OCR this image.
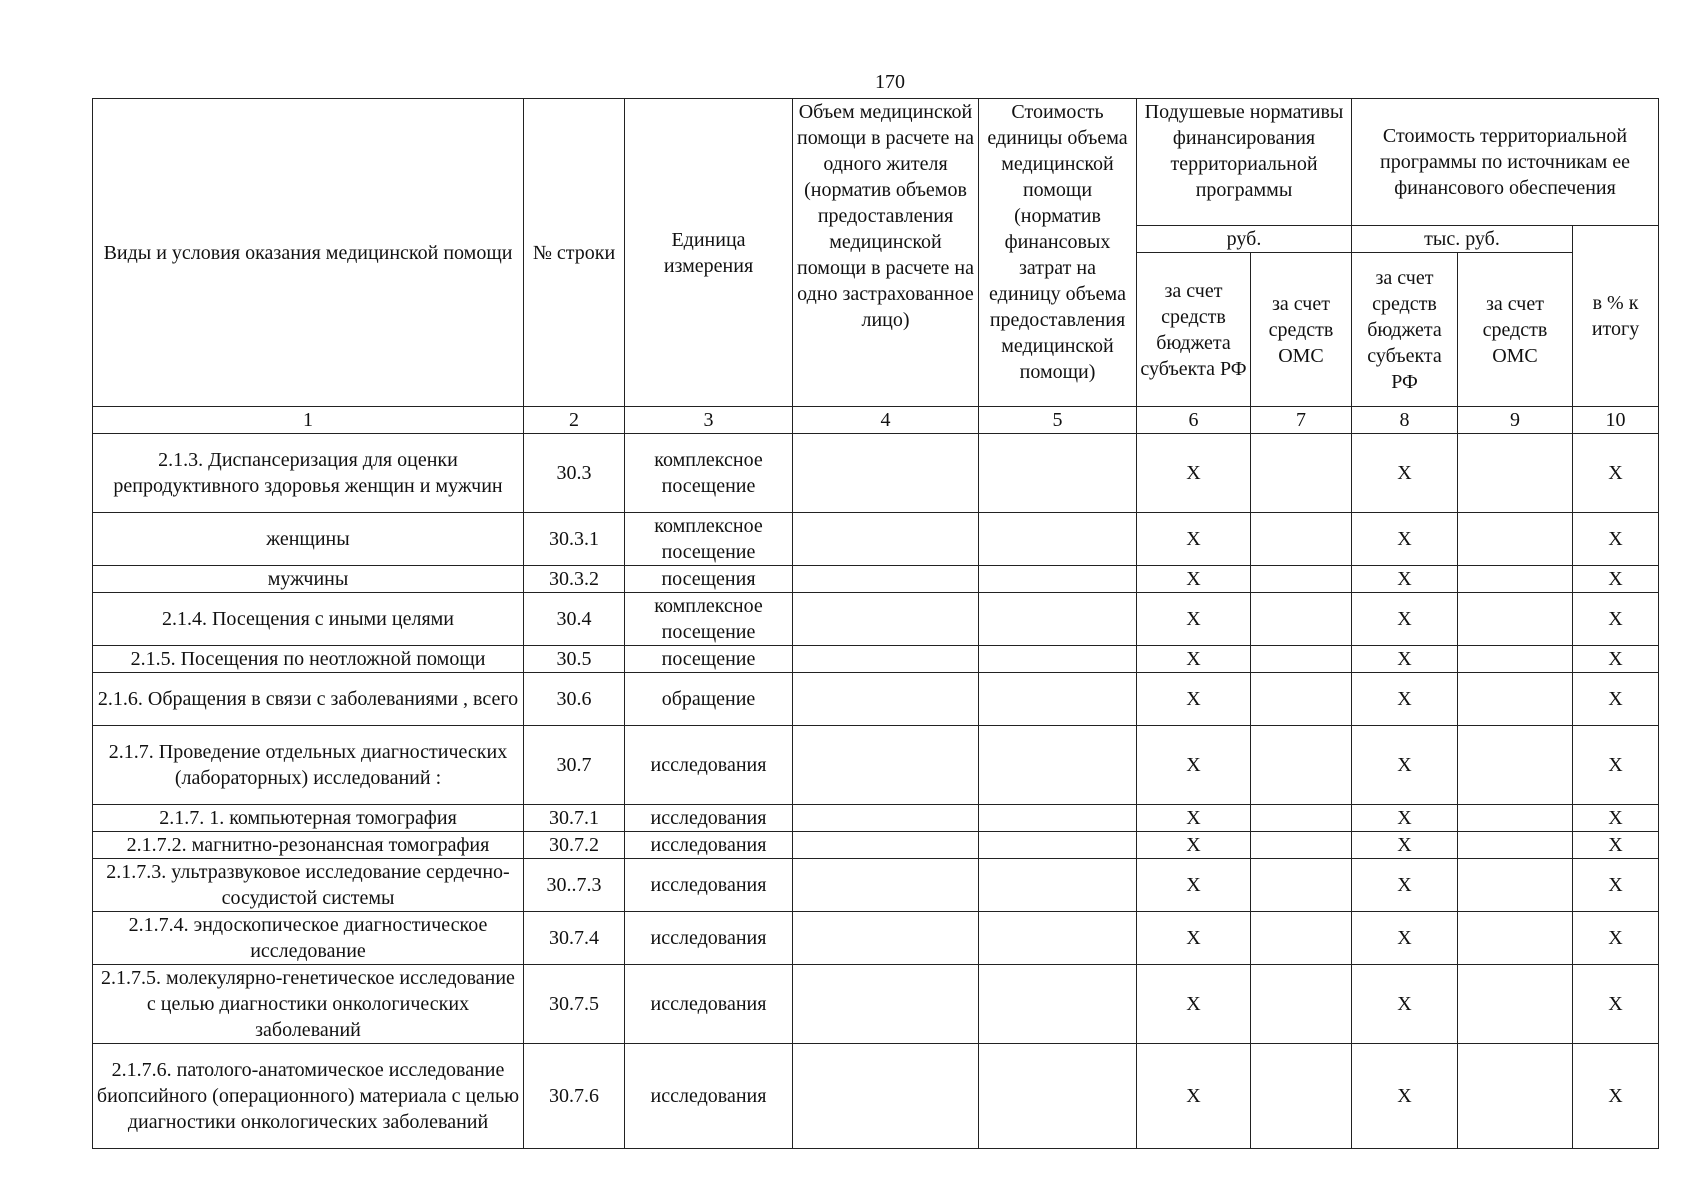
170
Виды и условия оказания медицинской помощи	№ строки	Единица измерения	Объем медицинской помощи в расчете на одного жителя (норматив объемов предоставления медицинской помощи в расчете на одно застрахованное лицо)	Стоимость единицы объема медицинской помощи (норматив финансовых затрат на единицу объема предоставления медицинской помощи)	Подушевые нормативы финансирования территориальной программы		Стоимость территориальной программы по источникам ее финансового обеспечения		
					руб.		тыс. руб.		в % к итогу
					за счет средств бюджета субъекта РФ	за счет средств ОМС	за счет средств бюджета субъекта РФ	за счет средств ОМС	
1	2	3	4	5	6	7	8	9	10
2.1.3. Диспансеризация для оценки репродуктивного здоровья женщин и мужчин	30.3	комплексное посещение			X		X		X
женщины	30.3.1	комплексное посещение			X		X		X
мужчины	30.3.2	посещения			X		X		X
2.1.4. Посещения с иными целями	30.4	комплексное посещение			X		X		X
2.1.5. Посещения по неотложной помощи	30.5	посещение			X		X		X
2.1.6. Обращения в связи с заболеваниями , всего	30.6	обращение			X		X		X
2.1.7. Проведение отдельных диагностических (лабораторных) исследований :	30.7	исследования			X		X		X
2.1.7. 1. компьютерная томография	30.7.1	исследования			X		X		X
2.1.7.2. магнитно-резонансная томография	30.7.2	исследования			X		X		X
2.1.7.3. ультразвуковое исследование сердечно-сосудистой системы	30..7.3	исследования			X		X		X
2.1.7.4. эндоскопическое диагностическое исследование	30.7.4	исследования			X		X		X
2.1.7.5. молекулярно-генетическое исследование с целью диагностики онкологических заболеваний	30.7.5	исследования			X		X		X
2.1.7.6. патолого-анатомическое исследование биопсийного (операционного) материала с целью диагностики онкологических заболеваний	30.7.6	исследования			X		X		X
